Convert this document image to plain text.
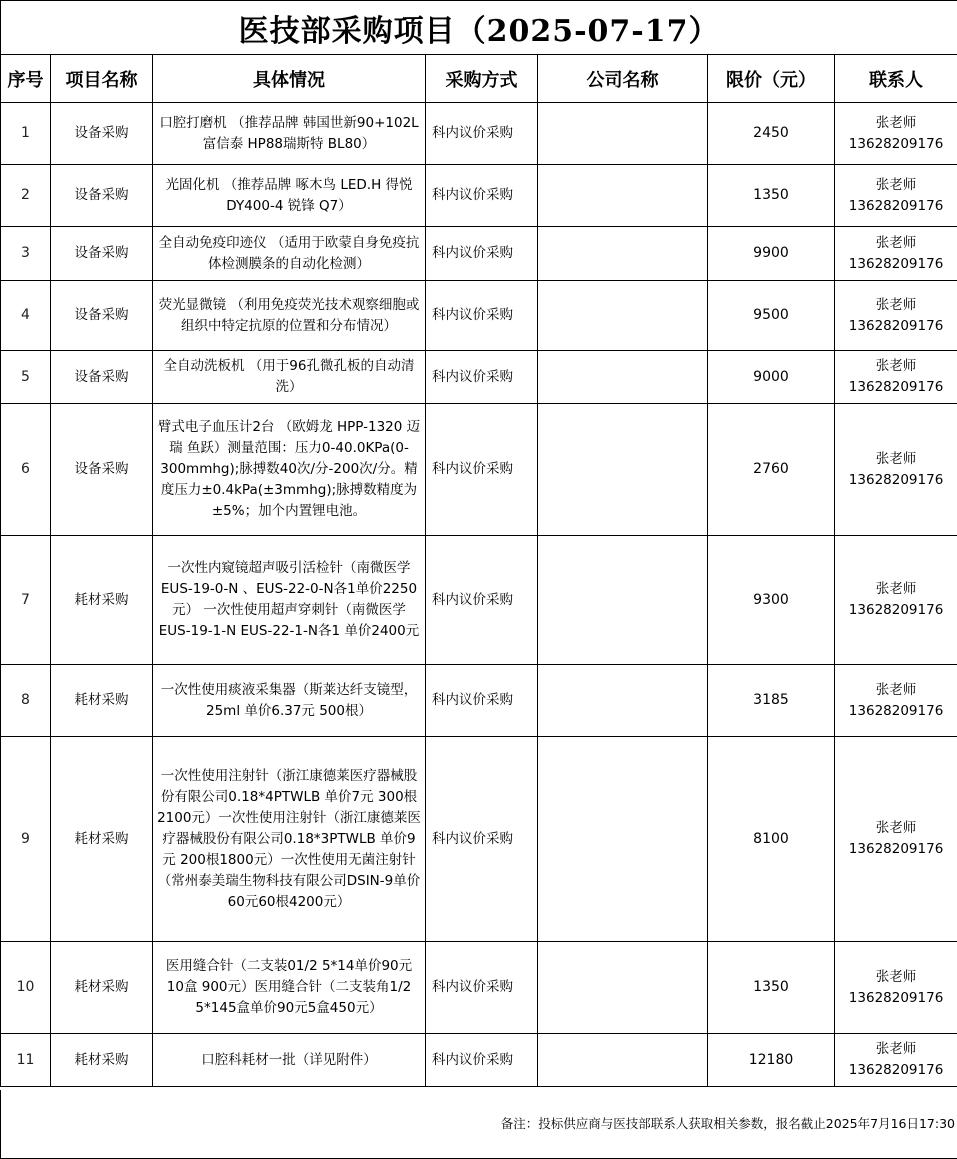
医技部采购项目（2025-07-17）						
序号	项目名称	具体情况	采购方式	公司名称	限价（元）	联系人
1	设备采购	口腔打磨机 （推荐品牌 韩国世新90+102L富信泰 HP88瑞斯特 BL80）	科内议价采购		2450	张老师
13628209176
2	设备采购	光固化机 （推荐品牌 啄木鸟 LED.H 得悦 DY400-4 锐锋 Q7）	科内议价采购		1350	张老师
13628209176
3	设备采购	全自动免疫印迹仪 （适用于欧蒙自身免疫抗体检测膜条的自动化检测）	科内议价采购		9900	张老师
13628209176
4	设备采购	荧光显微镜 （利用免疫荧光技术观察细胞或组织中特定抗原的位置和分布情况）	科内议价采购		9500	张老师
13628209176
5	设备采购	全自动洗板机 （用于96孔微孔板的自动清洗）	科内议价采购		9000	张老师
13628209176
6	设备采购	臂式电子血压计2台 （欧姆龙 HPP-1320 迈瑞 鱼跃）测量范围：压力0-40.0KPa(0-300mmhg);脉搏数40次/分-200次/分。精度压力±0.4kPa(±3mmhg);脉搏数精度为±5%；加个内置锂电池。	科内议价采购		2760	张老师
13628209176
7	耗材采购	一次性内窥镜超声吸引活检针（南微医学 EUS-19-0-N 、EUS-22-0-N各1单价2250元） 一次性使用超声穿刺针（南微医学EUS-19-1-N EUS-22-1-N各1 单价2400元	科内议价采购		9300	张老师
13628209176
8	耗材采购	一次性使用痰液采集器（斯莱达纤支镜型，25ml 单价6.37元 500根）	科内议价采购		3185	张老师
13628209176
9	耗材采购	一次性使用注射针（浙江康德莱医疗器械股份有限公司0.18*4PTWLB 单价7元 300根2100元）一次性使用注射针（浙江康德莱医疗器械股份有限公司0.18*3PTWLB 单价9元 200根1800元）一次性使用无菌注射针（常州泰美瑞生物科技有限公司DSIN-9单价60元60根4200元）	科内议价采购		8100	张老师
13628209176
10	耗材采购	医用缝合针（二支装01/2 5*14单价90元 10盒 900元）医用缝合针（二支装角1/2 5*145盒单价90元5盒450元）	科内议价采购		1350	张老师
13628209176
11	耗材采购	口腔科耗材一批（详见附件）	科内议价采购		12180	张老师
13628209176
备注：投标供应商与医技部联系人获取相关参数，报名截止2025年7月16日17:30
